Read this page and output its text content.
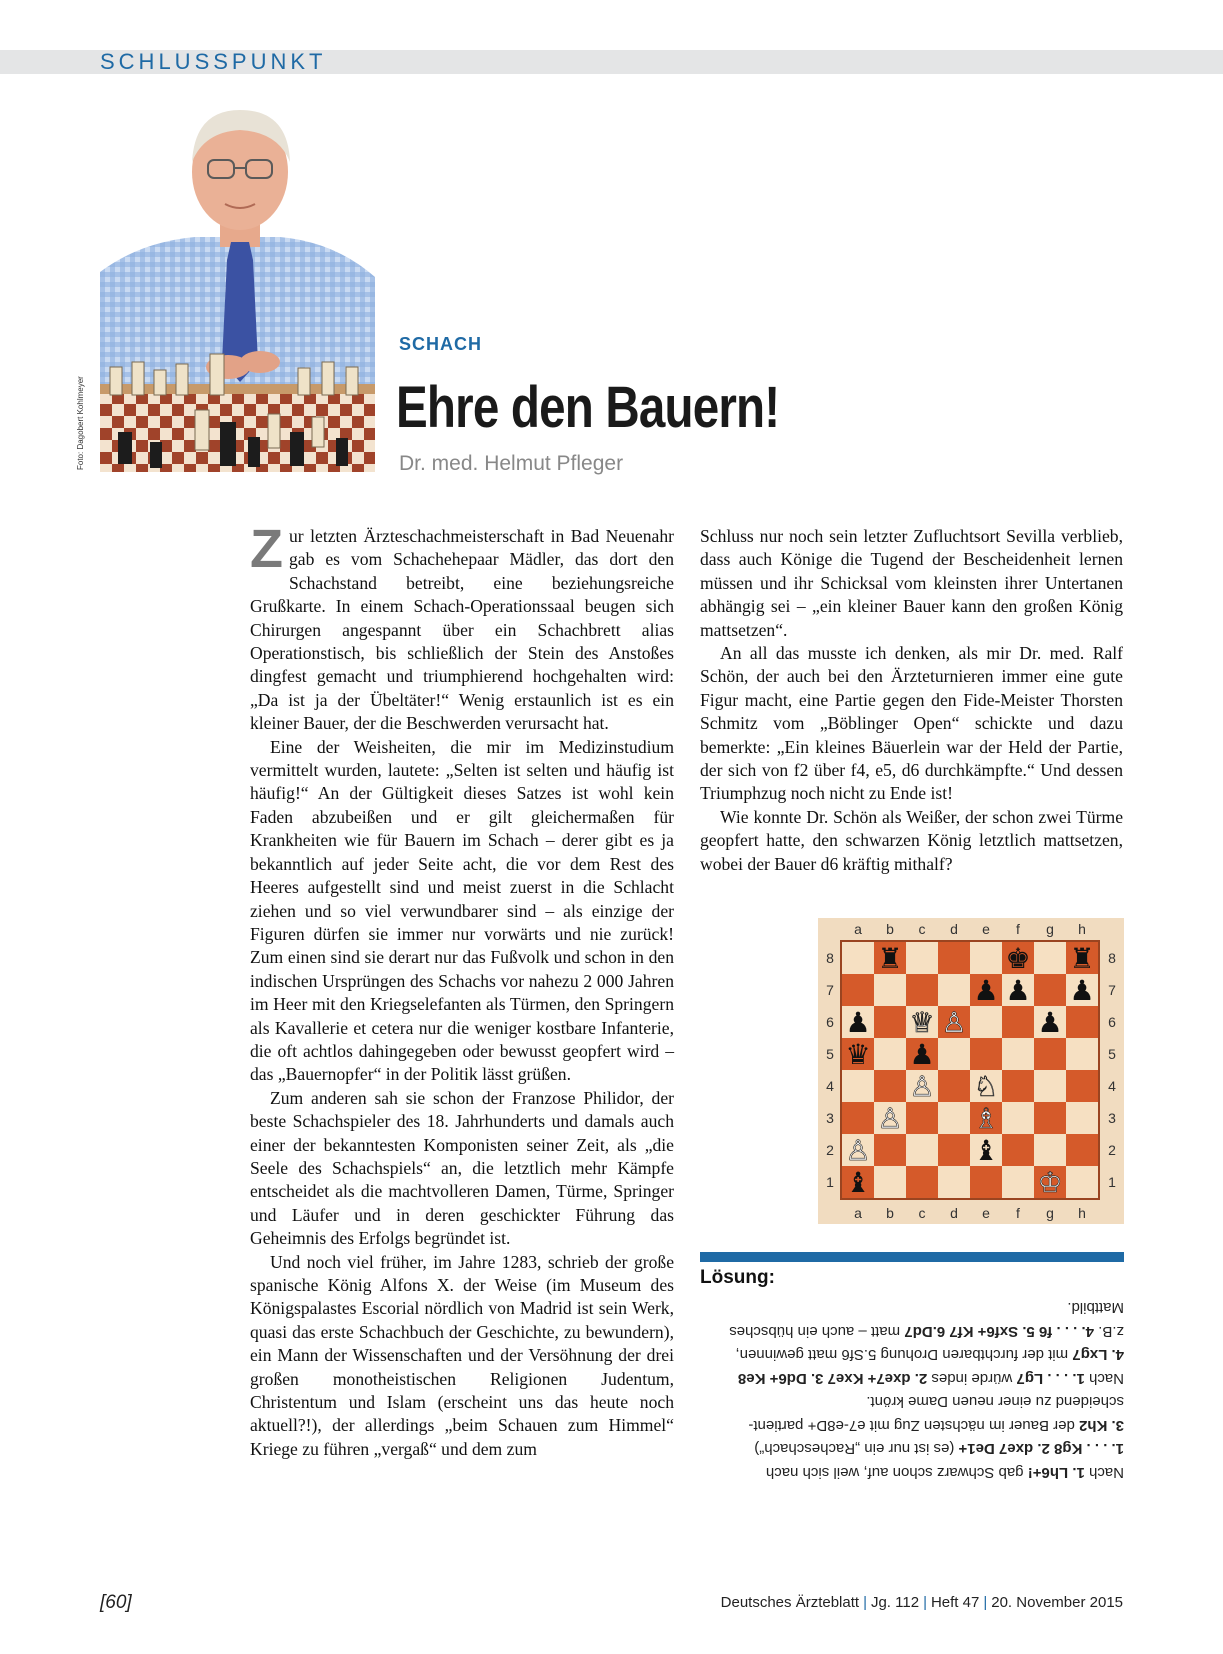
SCHLUSSPUNKT
Foto: Dagobert Kohlmeyer
SCHACH
Ehre den Bauern!
Dr. med. Helmut Pfleger

Zur letzten Ärzteschachmeisterschaft in Bad Neuenahr gab es vom Schachehepaar Mädler, das dort den Schachstand betreibt, eine beziehungsreiche Grußkarte. In einem Schach-Operationssaal beugen sich Chirurgen angespannt über ein Schachbrett alias Operationstisch, bis schließlich der Stein des Anstoßes dingfest gemacht und triumphierend hochgehalten wird: „Da ist ja der Übeltäter!“ Wenig erstaunlich ist es ein kleiner Bauer, der die Beschwerden verursacht hat.

Eine der Weisheiten, die mir im Medizinstudium vermittelt wurden, lautete: „Selten ist selten und häufig ist häufig!“ An der Gültigkeit dieses Satzes ist wohl kein Faden abzubeißen und er gilt gleichermaßen für Krankheiten wie für Bauern im Schach – derer gibt es ja bekanntlich auf jeder Seite acht, die vor dem Rest des Heeres aufgestellt sind und meist zuerst in die Schlacht ziehen und so viel verwundbarer sind – als einzige der Figuren dürfen sie immer nur vorwärts und nie zurück! Zum einen sind sie derart nur das Fußvolk und schon in den indischen Ursprüngen des Schachs vor nahezu 2 000 Jahren im Heer mit den Kriegselefanten als Türmen, den Springern als Kavallerie et cetera nur die weniger kostbare Infanterie, die oft achtlos dahingegeben oder bewusst geopfert wird – das „Bauernopfer“ in der Politik lässt grüßen.

Zum anderen sah sie schon der Franzose Philidor, der beste Schachspieler des 18. Jahrhunderts und damals auch einer der bekanntesten Komponisten seiner Zeit, als „die Seele des Schachspiels“ an, die letztlich mehr Kämpfe entscheidet als die machtvolleren Damen, Türme, Springer und Läufer und in deren geschickter Führung das Geheimnis des Erfolgs begründet ist.

Und noch viel früher, im Jahre 1283, schrieb der große spanische König Alfons X. der Weise (im Museum des Königspalastes Escorial nördlich von Madrid ist sein Werk, quasi das erste Schachbuch der Geschichte, zu bewundern), ein Mann der Wissenschaften und der Versöhnung der drei großen monotheistischen Religionen Judentum, Christentum und Islam (erscheint uns das heute noch aktuell?!), der allerdings „beim Schauen zum Himmel“ Kriege zu führen „vergaß“ und dem zum

Schluss nur noch sein letzter Zufluchtsort Sevilla verblieb, dass auch Könige die Tugend der Bescheidenheit lernen müssen und ihr Schicksal vom kleinsten ihrer Untertanen abhängig sei – „ein kleiner Bauer kann den großen König mattsetzen“.

An all das musste ich denken, als mir Dr. med. Ralf Schön, der auch bei den Ärzteturnieren immer eine gute Figur macht, eine Partie gegen den Fide-Meister Thorsten Schmitz vom „Böblinger Open“ schickte und dazu bemerkte: „Ein kleines Bäuerlein war der Held der Partie, der sich von f2 über f4, e5, d6 durchkämpfte.“ Und dessen Triumphzug noch nicht zu Ende ist!

Wie konnte Dr. Schön als Weißer, der schon zwei Türme geopfert hatte, den schwarzen König letztlich mattsetzen, wobei der Bauer d6 kräftig mithalf?

a
a
b
b
c
c
d
d
e
e
f
f
g
g
h
h
8	8
7	7
6	6
5	5
4	4
3	3
2	2
1	1
♜	♚ ♜
♟ ♟ ♟
♟ ♕ ♙	♟
♛ ♟
♙ ♘
♙	♗
♙	♝
♝	♔
Lösung:
Nach 1. Lh6+! gab Schwarz schon auf, weil sich nach
1. . . . Kg8 2. dxe7 De1+ (es ist nur ein „Racheschach“)
3. Kh2 der Bauer im nächsten Zug mit e7-e8D+ partient-
scheidend zu einer neuen Dame krönt.
Nach 1. . . . Lg7 würde indes 2. dxe7+ Kxe7 3. Dd6+ Ke8
4. Lxg7 mit der furchtbaren Drohung 5.Sf6 matt gewinnen,
z.B. 4. . . . f6 5. Sxf6+ Kf7 6.Dd7 matt – auch ein hübsches
Mattbild.
[60]	Deutsches Ärzteblatt | Jg. 112 | Heft 47 | 20. November 2015
